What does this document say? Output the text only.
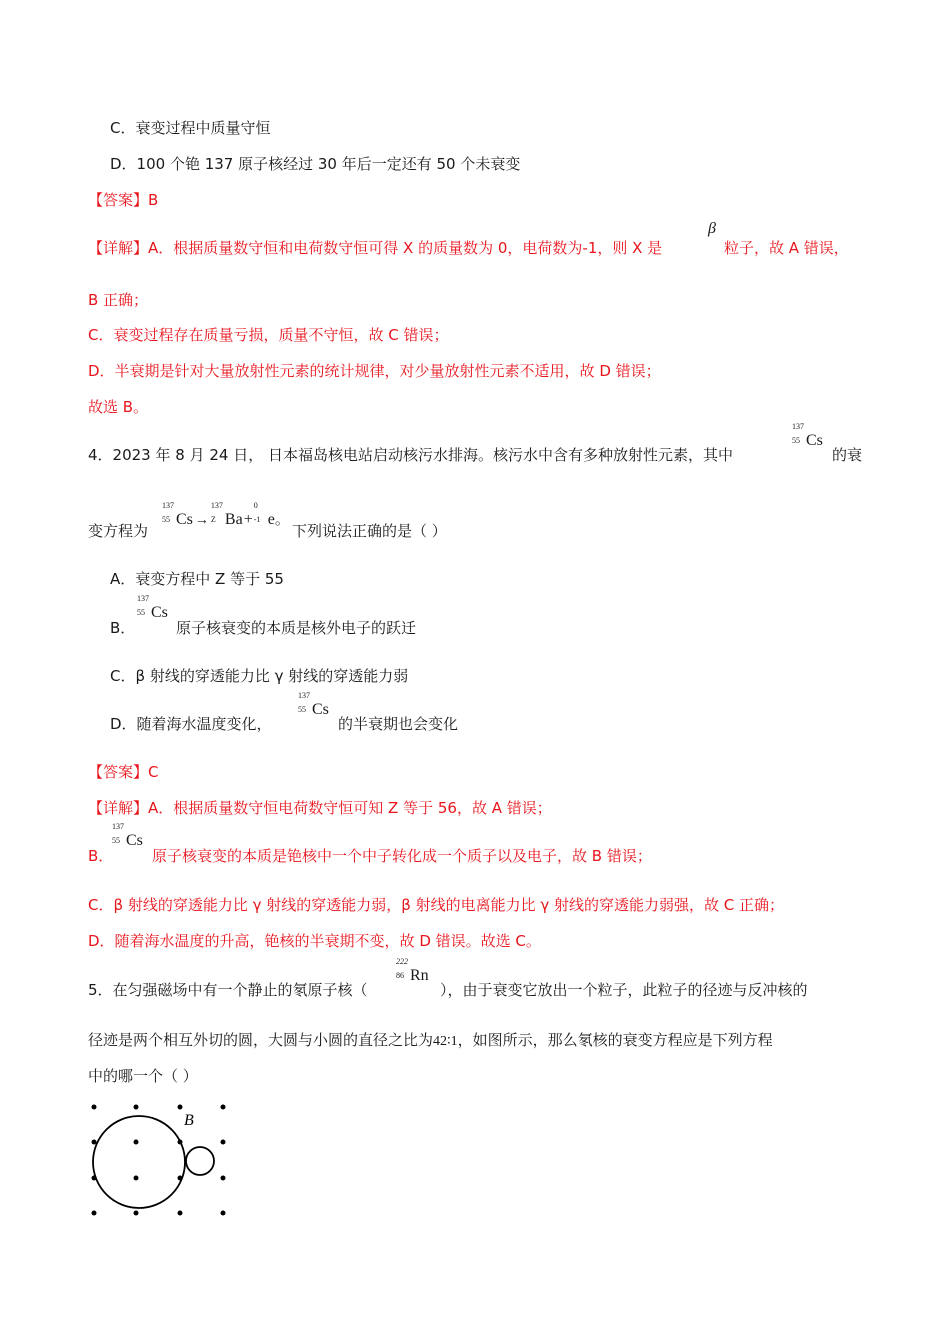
C．衰变过程中质量守恒
D．100 个铯 137 原子核经过 30 年后一定还有 50 个未衰变
【答案】B
【详解】A．根据质量数守恒和电荷数守恒可得 X 的质量数为 0，电荷数为-1，则 X 是
β
粒子，故 A 错误，
B 正确；
C．衰变过程存在质量亏损，质量不守恒，故 C 错误；
D．半衰期是针对大量放射性元素的统计规律，对少量放射性元素不适用，故 D 错误；
故选 B。
4．2023 年 8 月 24 日， 日本福岛核电站启动核污水排海。核污水中含有多种放射性元素，其中
137
55 Cs
的衰
变方程为
137
55 Cs →
137
Z Ba+
0
-1 e。
下列说法正确的是（ ）
A．衰变方程中 Z 等于 55
B．
137
55 Cs
原子核衰变的本质是核外电子的跃迁
C．β 射线的穿透能力比 γ 射线的穿透能力弱
D．随着海水温度变化，
137
55 Cs
的半衰期也会变化
【答案】C
【详解】A．根据质量数守恒电荷数守恒可知 Z 等于 56，故 A 错误；
B．
137
55 Cs
原子核衰变的本质是铯核中一个中子转化成一个质子以及电子，故 B 错误；
C．β 射线的穿透能力比 γ 射线的穿透能力弱，β 射线的电离能力比 γ 射线的穿透能力弱强，故 C 正确；
D．随着海水温度的升高，铯核的半衰期不变，故 D 错误。故选 C。
5．在匀强磁场中有一个静止的氡原子核（
222
86 Rn
），由于衰变它放出一个粒子，此粒子的径迹与反冲核的
径迹是两个相互外切的圆，大圆与小圆的直径之比为42∶1，如图所示，那么氡核的衰变方程应是下列方程
中的哪一个（ ）
B
